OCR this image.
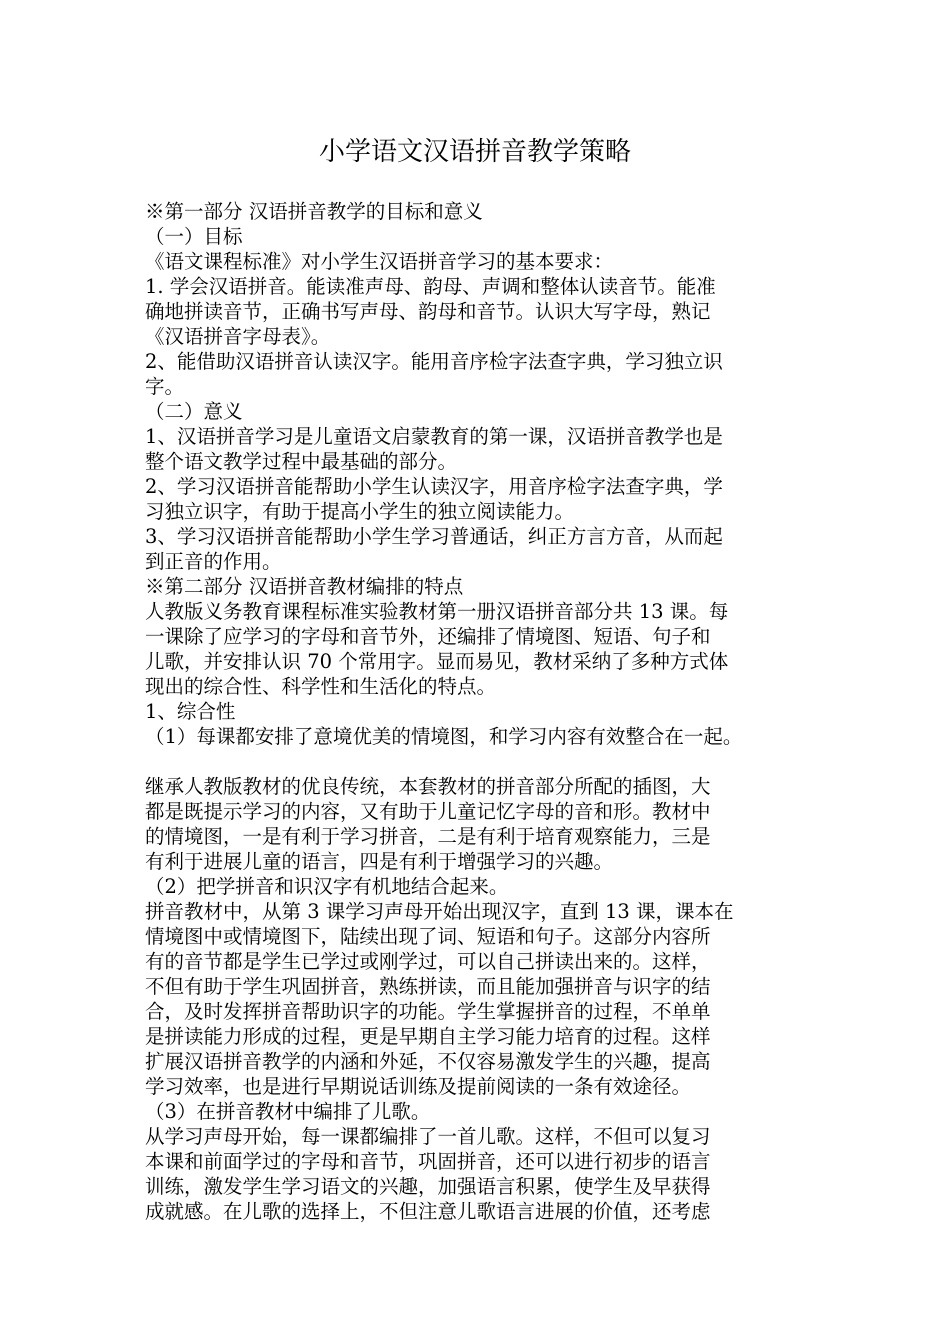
小学语文汉语拼音教学策略
※第一部分 汉语拼音教学的目标和意义
（一）目标
《语文课程标准》对小学生汉语拼音学习的基本要求：
1. 学会汉语拼音。能读准声母、韵母、声调和整体认读音节。能准
确地拼读音节，正确书写声母、韵母和音节。认识大写字母，熟记
《汉语拼音字母表》。
2、能借助汉语拼音认读汉字。能用音序检字法查字典，学习独立识
字。
（二）意义
1、汉语拼音学习是儿童语文启蒙教育的第一课，汉语拼音教学也是
整个语文教学过程中最基础的部分。
2、学习汉语拼音能帮助小学生认读汉字，用音序检字法查字典，学
习独立识字，有助于提高小学生的独立阅读能力。
3、学习汉语拼音能帮助小学生学习普通话，纠正方言方音，从而起
到正音的作用。
※第二部分 汉语拼音教材编排的特点
人教版义务教育课程标准实验教材第一册汉语拼音部分共 13 课。每
一课除了应学习的字母和音节外，还编排了情境图、短语、句子和
儿歌，并安排认识 70 个常用字。显而易见，教材采纳了多种方式体
现出的综合性、科学性和生活化的特点。
1、综合性
（1）每课都安排了意境优美的情境图，和学习内容有效整合在一起。
继承人教版教材的优良传统，本套教材的拼音部分所配的插图，大
都是既提示学习的内容，又有助于儿童记忆字母的音和形。教材中
的情境图，一是有利于学习拼音，二是有利于培育观察能力，三是
有利于进展儿童的语言，四是有利于增强学习的兴趣。
（2）把学拼音和识汉字有机地结合起来。
拼音教材中，从第 3 课学习声母开始出现汉字，直到 13 课，课本在
情境图中或情境图下，陆续出现了词、短语和句子。这部分内容所
有的音节都是学生已学过或刚学过，可以自己拼读出来的。这样，
不但有助于学生巩固拼音，熟练拼读，而且能加强拼音与识字的结
合，及时发挥拼音帮助识字的功能。学生掌握拼音的过程，不单单
是拼读能力形成的过程，更是早期自主学习能力培育的过程。这样
扩展汉语拼音教学的内涵和外延，不仅容易激发学生的兴趣，提高
学习效率，也是进行早期说话训练及提前阅读的一条有效途径。
（3）在拼音教材中编排了儿歌。
从学习声母开始，每一课都编排了一首儿歌。这样，不但可以复习
本课和前面学过的字母和音节，巩固拼音，还可以进行初步的语言
训练，激发学生学习语文的兴趣，加强语言积累，使学生及早获得
成就感。在儿歌的选择上，不但注意儿歌语言进展的价值，还考虑
